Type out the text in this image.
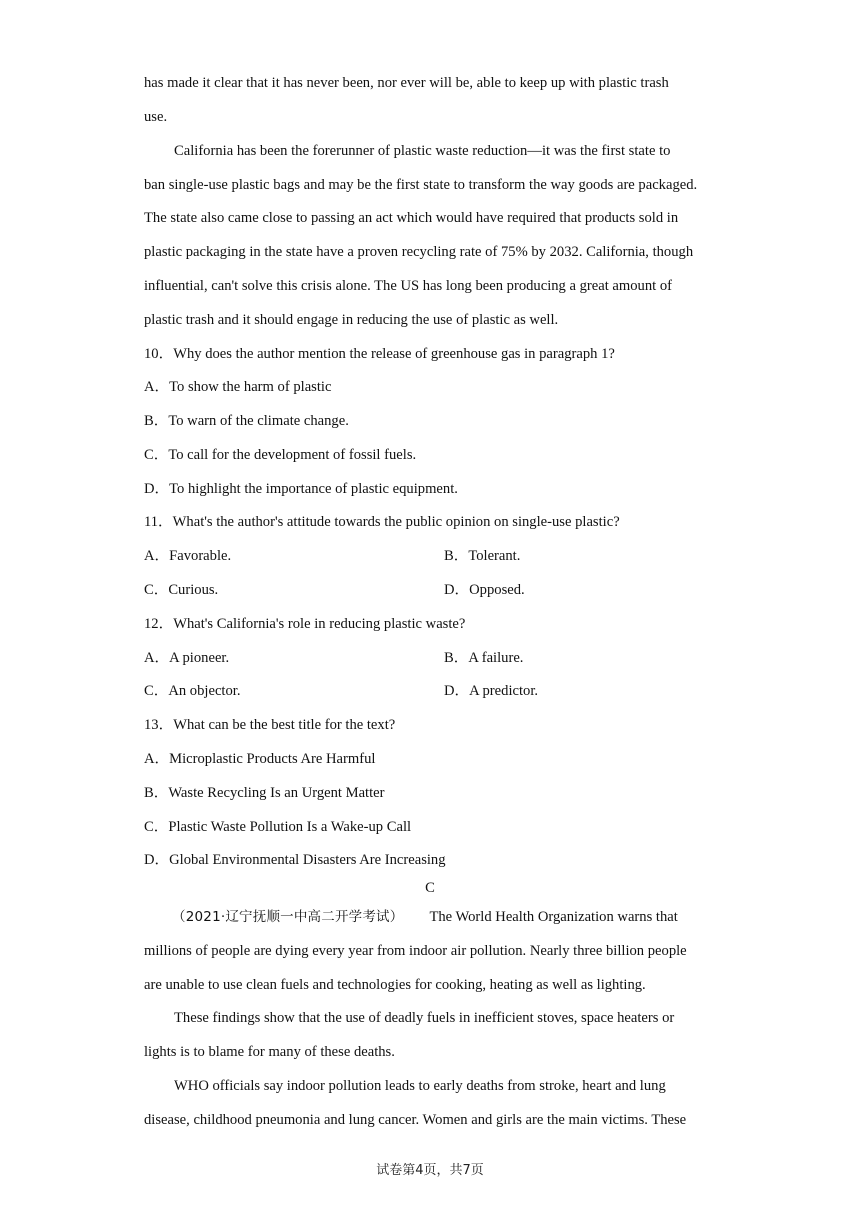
has made it clear that it has never been, nor ever will be, able to keep up with plastic trash
use.
California has been the forerunner of plastic waste reduction—it was the first state to
ban single-use plastic bags and may be the first state to transform the way goods are packaged.
The state also came close to passing an act which would have required that products sold in
plastic packaging in the state have a proven recycling rate of 75% by 2032. California, though
influential, can't solve this crisis alone. The US has long been producing a great amount of
plastic trash and it should engage in reducing the use of plastic as well.
10．Why does the author mention the release of greenhouse gas in paragraph 1?
A．To show the harm of plastic
B．To warn of the climate change.
C．To call for the development of fossil fuels.
D．To highlight the importance of plastic equipment.
11．What's the author's attitude towards the public opinion on single-use plastic?
A．Favorable.	B．Tolerant.
C．Curious.	D．Opposed.
12．What's California's role in reducing plastic waste?
A．A pioneer.	B．A failure.
C．An objector.	D．A predictor.
13．What can be the best title for the text?
A．Microplastic Products Are Harmful
B．Waste Recycling Is an Urgent Matter
C．Plastic Waste Pollution Is a Wake-up Call
D．Global Environmental Disasters Are Increasing
C
（2021·辽宁抚顺一中高二开学考试） The World Health Organization warns that
millions of people are dying every year from indoor air pollution. Nearly three billion people
are unable to use clean fuels and technologies for cooking, heating as well as lighting.
These findings show that the use of deadly fuels in inefficient stoves, space heaters or
lights is to blame for many of these deaths.
WHO officials say indoor pollution leads to early deaths from stroke, heart and lung
disease, childhood pneumonia and lung cancer. Women and girls are the main victims. These
试卷第4页，共7页
